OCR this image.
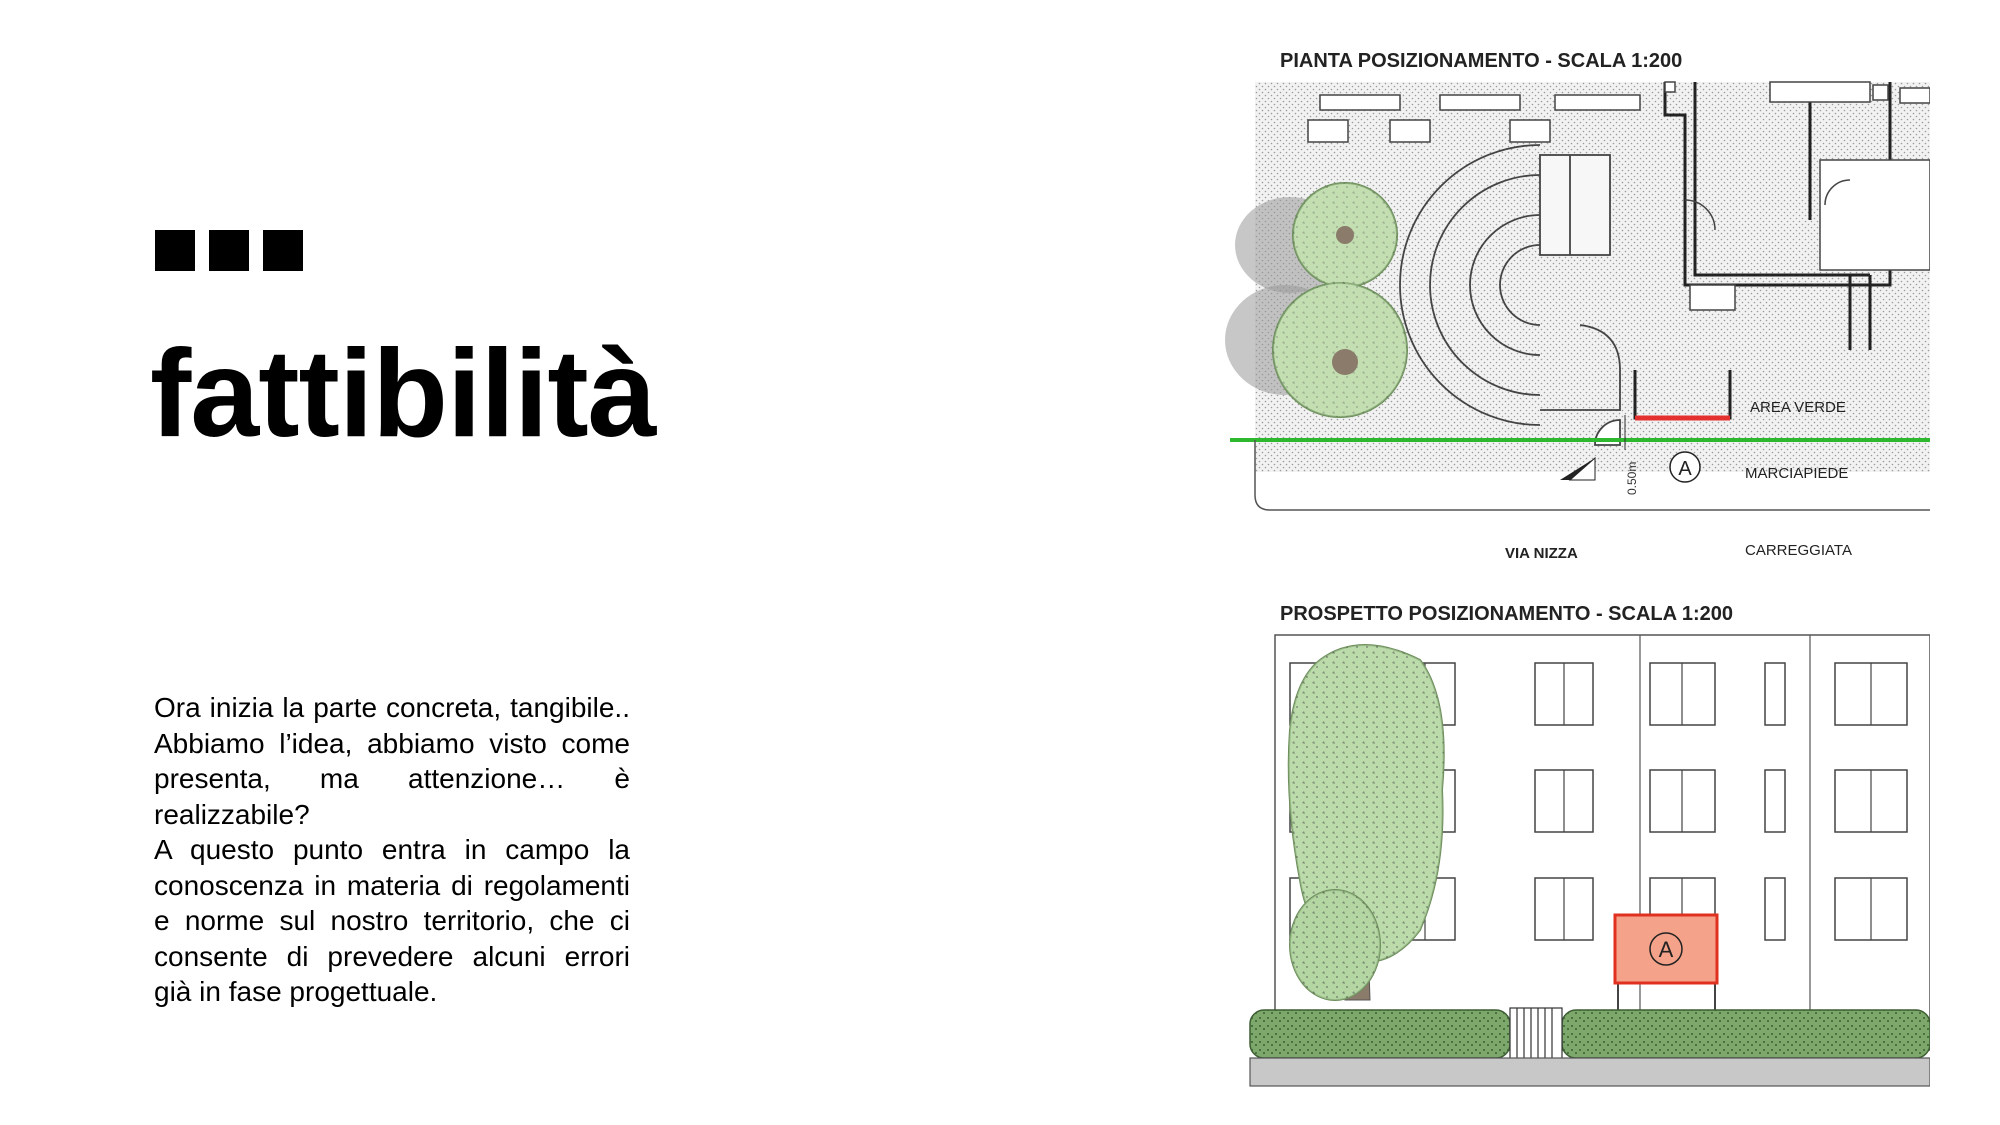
fattibilità

Ora inizia la parte concreta, tangibile.. Abbiamo l’idea, abbiamo visto come presenta, ma attenzione… è realizzabile?

A questo punto entra in campo la conoscenza in materia di regolamenti e norme sul nostro territorio, che ci consente di prevedere alcuni errori già in fase progettuale.

PIANTA POSIZIONAMENTO - SCALA 1:200
AREA VERDE
0.50m A	MARCIAPIEDE
VIA NIZZA	CARREGGIATA
PROSPETTO POSIZIONAMENTO - SCALA 1:200
A
